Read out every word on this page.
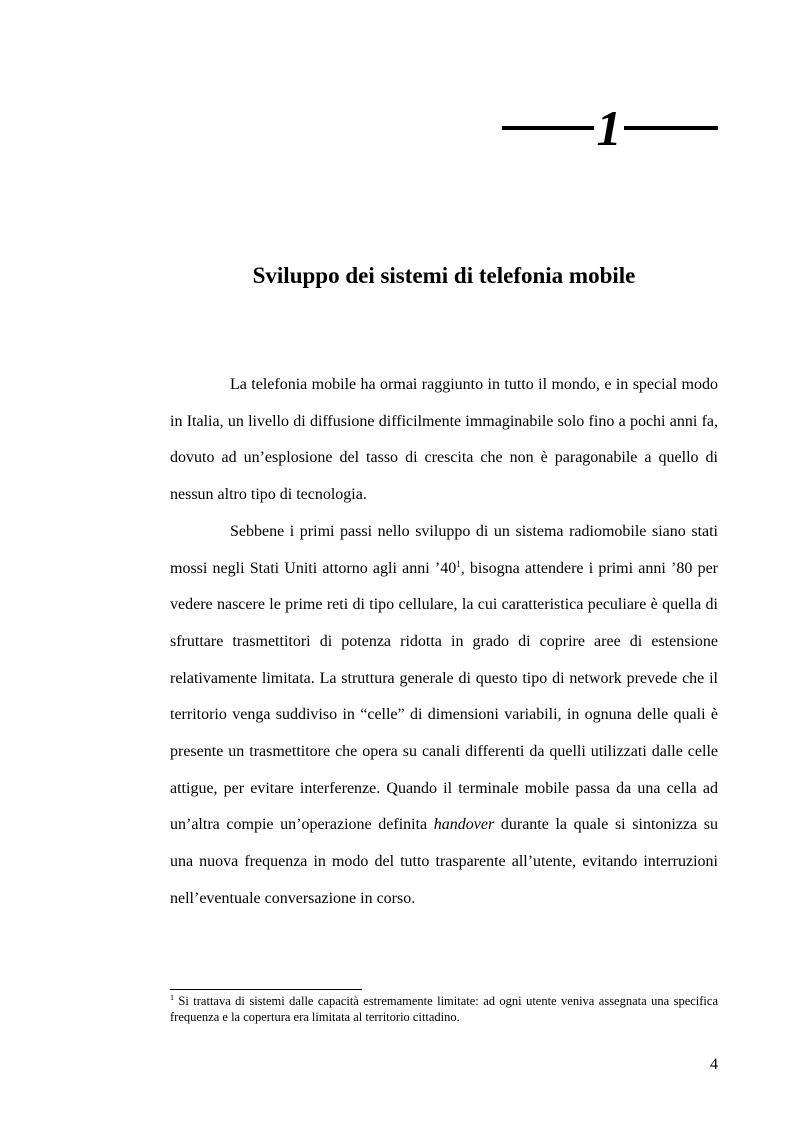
1
Sviluppo dei sistemi di telefonia mobile

La telefonia mobile ha ormai raggiunto in tutto il mondo, e in special modo in Italia, un livello di diffusione difficilmente immaginabile solo fino a pochi anni fa, dovuto ad un’esplosione del tasso di crescita che non è paragonabile a quello di nessun altro tipo di tecnologia.

Sebbene i primi passi nello sviluppo di un sistema radiomobile siano stati mossi negli Stati Uniti attorno agli anni ’40$^1$, bisogna attendere i primi anni ’80 per vedere nascere le prime reti di tipo cellulare, la cui caratteristica peculiare è quella di sfruttare trasmettitori di potenza ridotta in grado di coprire aree di estensione relativamente limitata. La struttura generale di questo tipo di network prevede che il territorio venga suddiviso in “celle” di dimensioni variabili, in ognuna delle quali è presente un trasmettitore che opera su canali differenti da quelli utilizzati dalle celle attigue, per evitare interferenze. Quando il terminale mobile passa da una cella ad un’altra compie un’operazione definita handover durante la quale si sintonizza su una nuova frequenza in modo del tutto trasparente all’utente, evitando interruzioni nell’eventuale conversazione in corso.

$^1$ Si trattava di sistemi dalle capacità estremamente limitate: ad ogni utente veniva assegnata una specifica frequenza e la copertura era limitata al territorio cittadino.

4
